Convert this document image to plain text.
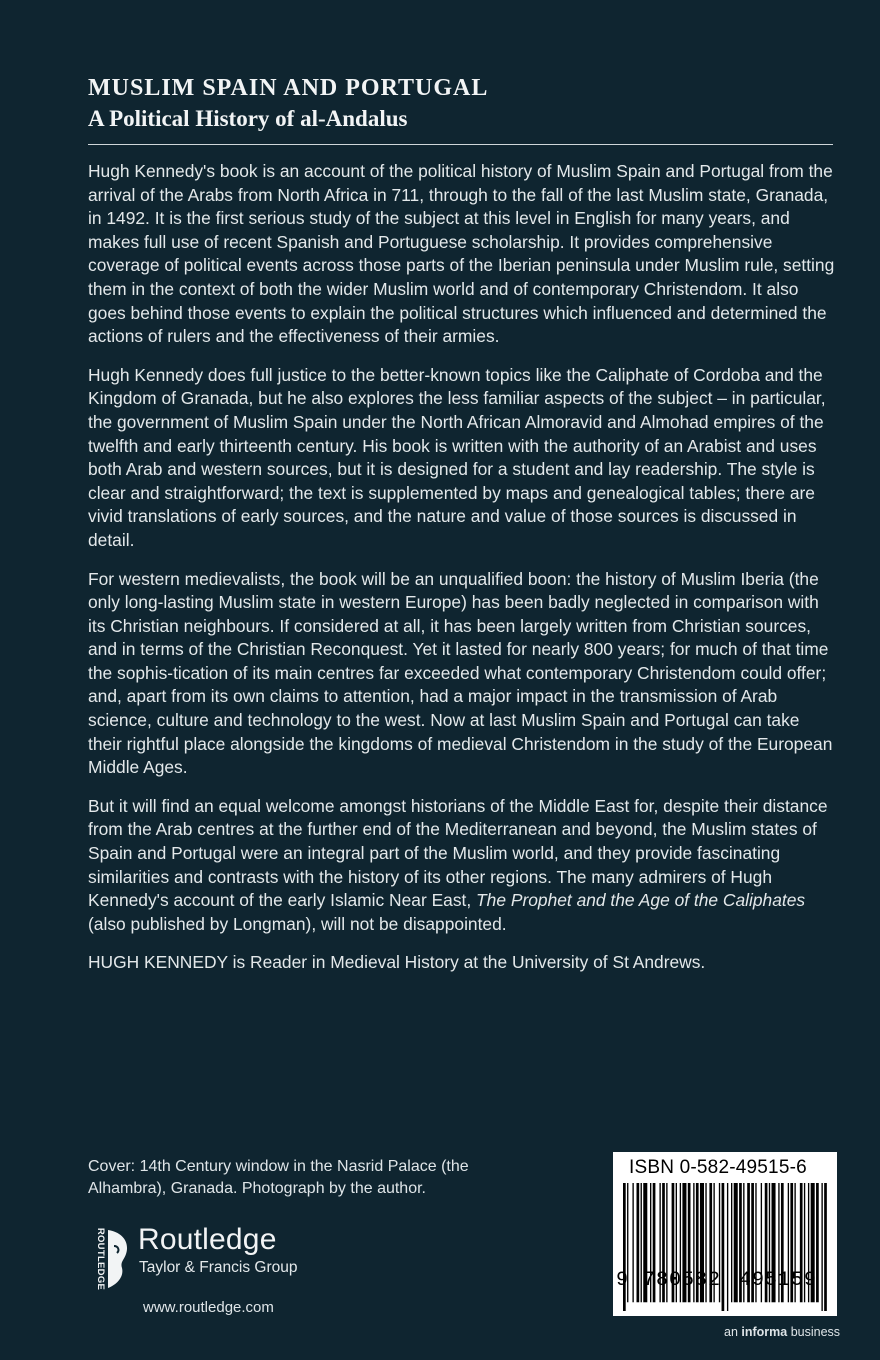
MUSLIM SPAIN AND PORTUGAL
A Political History of al-Andalus

Hugh Kennedy's book is an account of the political history of Muslim Spain and Portugal from the arrival of the Arabs from North Africa in 711, through to the fall of the last Muslim state, Granada, in 1492. It is the first serious study of the subject at this level in English for many years, and makes full use of recent Spanish and Portuguese scholarship. It provides comprehensive coverage of political events across those parts of the Iberian peninsula under Muslim rule, setting them in the context of both the wider Muslim world and of contemporary Christendom. It also goes behind those events to explain the political structures which influenced and determined the actions of rulers and the effectiveness of their armies.

Hugh Kennedy does full justice to the better-known topics like the Caliphate of Cordoba and the Kingdom of Granada, but he also explores the less familiar aspects of the subject – in particular, the government of Muslim Spain under the North African Almoravid and Almohad empires of the twelfth and early thirteenth century. His book is written with the authority of an Arabist and uses both Arab and western sources, but it is designed for a student and lay readership. The style is clear and straightforward; the text is supplemented by maps and genealogical tables; there are vivid translations of early sources, and the nature and value of those sources is discussed in detail.

For western medievalists, the book will be an unqualified boon: the history of Muslim Iberia (the only long-lasting Muslim state in western Europe) has been badly neglected in comparison with its Christian neighbours. If considered at all, it has been largely written from Christian sources, and in terms of the Christian Reconquest. Yet it lasted for nearly 800 years; for much of that time the sophis-tication of its main centres far exceeded what contemporary Christendom could offer; and, apart from its own claims to attention, had a major impact in the transmission of Arab science, culture and technology to the west. Now at last Muslim Spain and Portugal can take their rightful place alongside the kingdoms of medieval Christendom in the study of the European Middle Ages.

But it will find an equal welcome amongst historians of the Middle East for, despite their distance from the Arab centres at the further end of the Mediterranean and beyond, the Muslim states of Spain and Portugal were an integral part of the Muslim world, and they provide fascinating similarities and contrasts with the history of its other regions. The many admirers of Hugh Kennedy's account of the early Islamic Near East, The Prophet and the Age of the Caliphates (also published by Longman), will not be disappointed.

HUGH KENNEDY is Reader in Medieval History at the University of St Andrews.

Cover: 14th Century window in the Nasrid Palace (the Alhambra), Granada. Photograph by the author.

ROUTLEDGE Routledge
Taylor & Francis Group
www.routledge.com
ISBN 0-582-49515-6
9 780582 495159
an informa business
